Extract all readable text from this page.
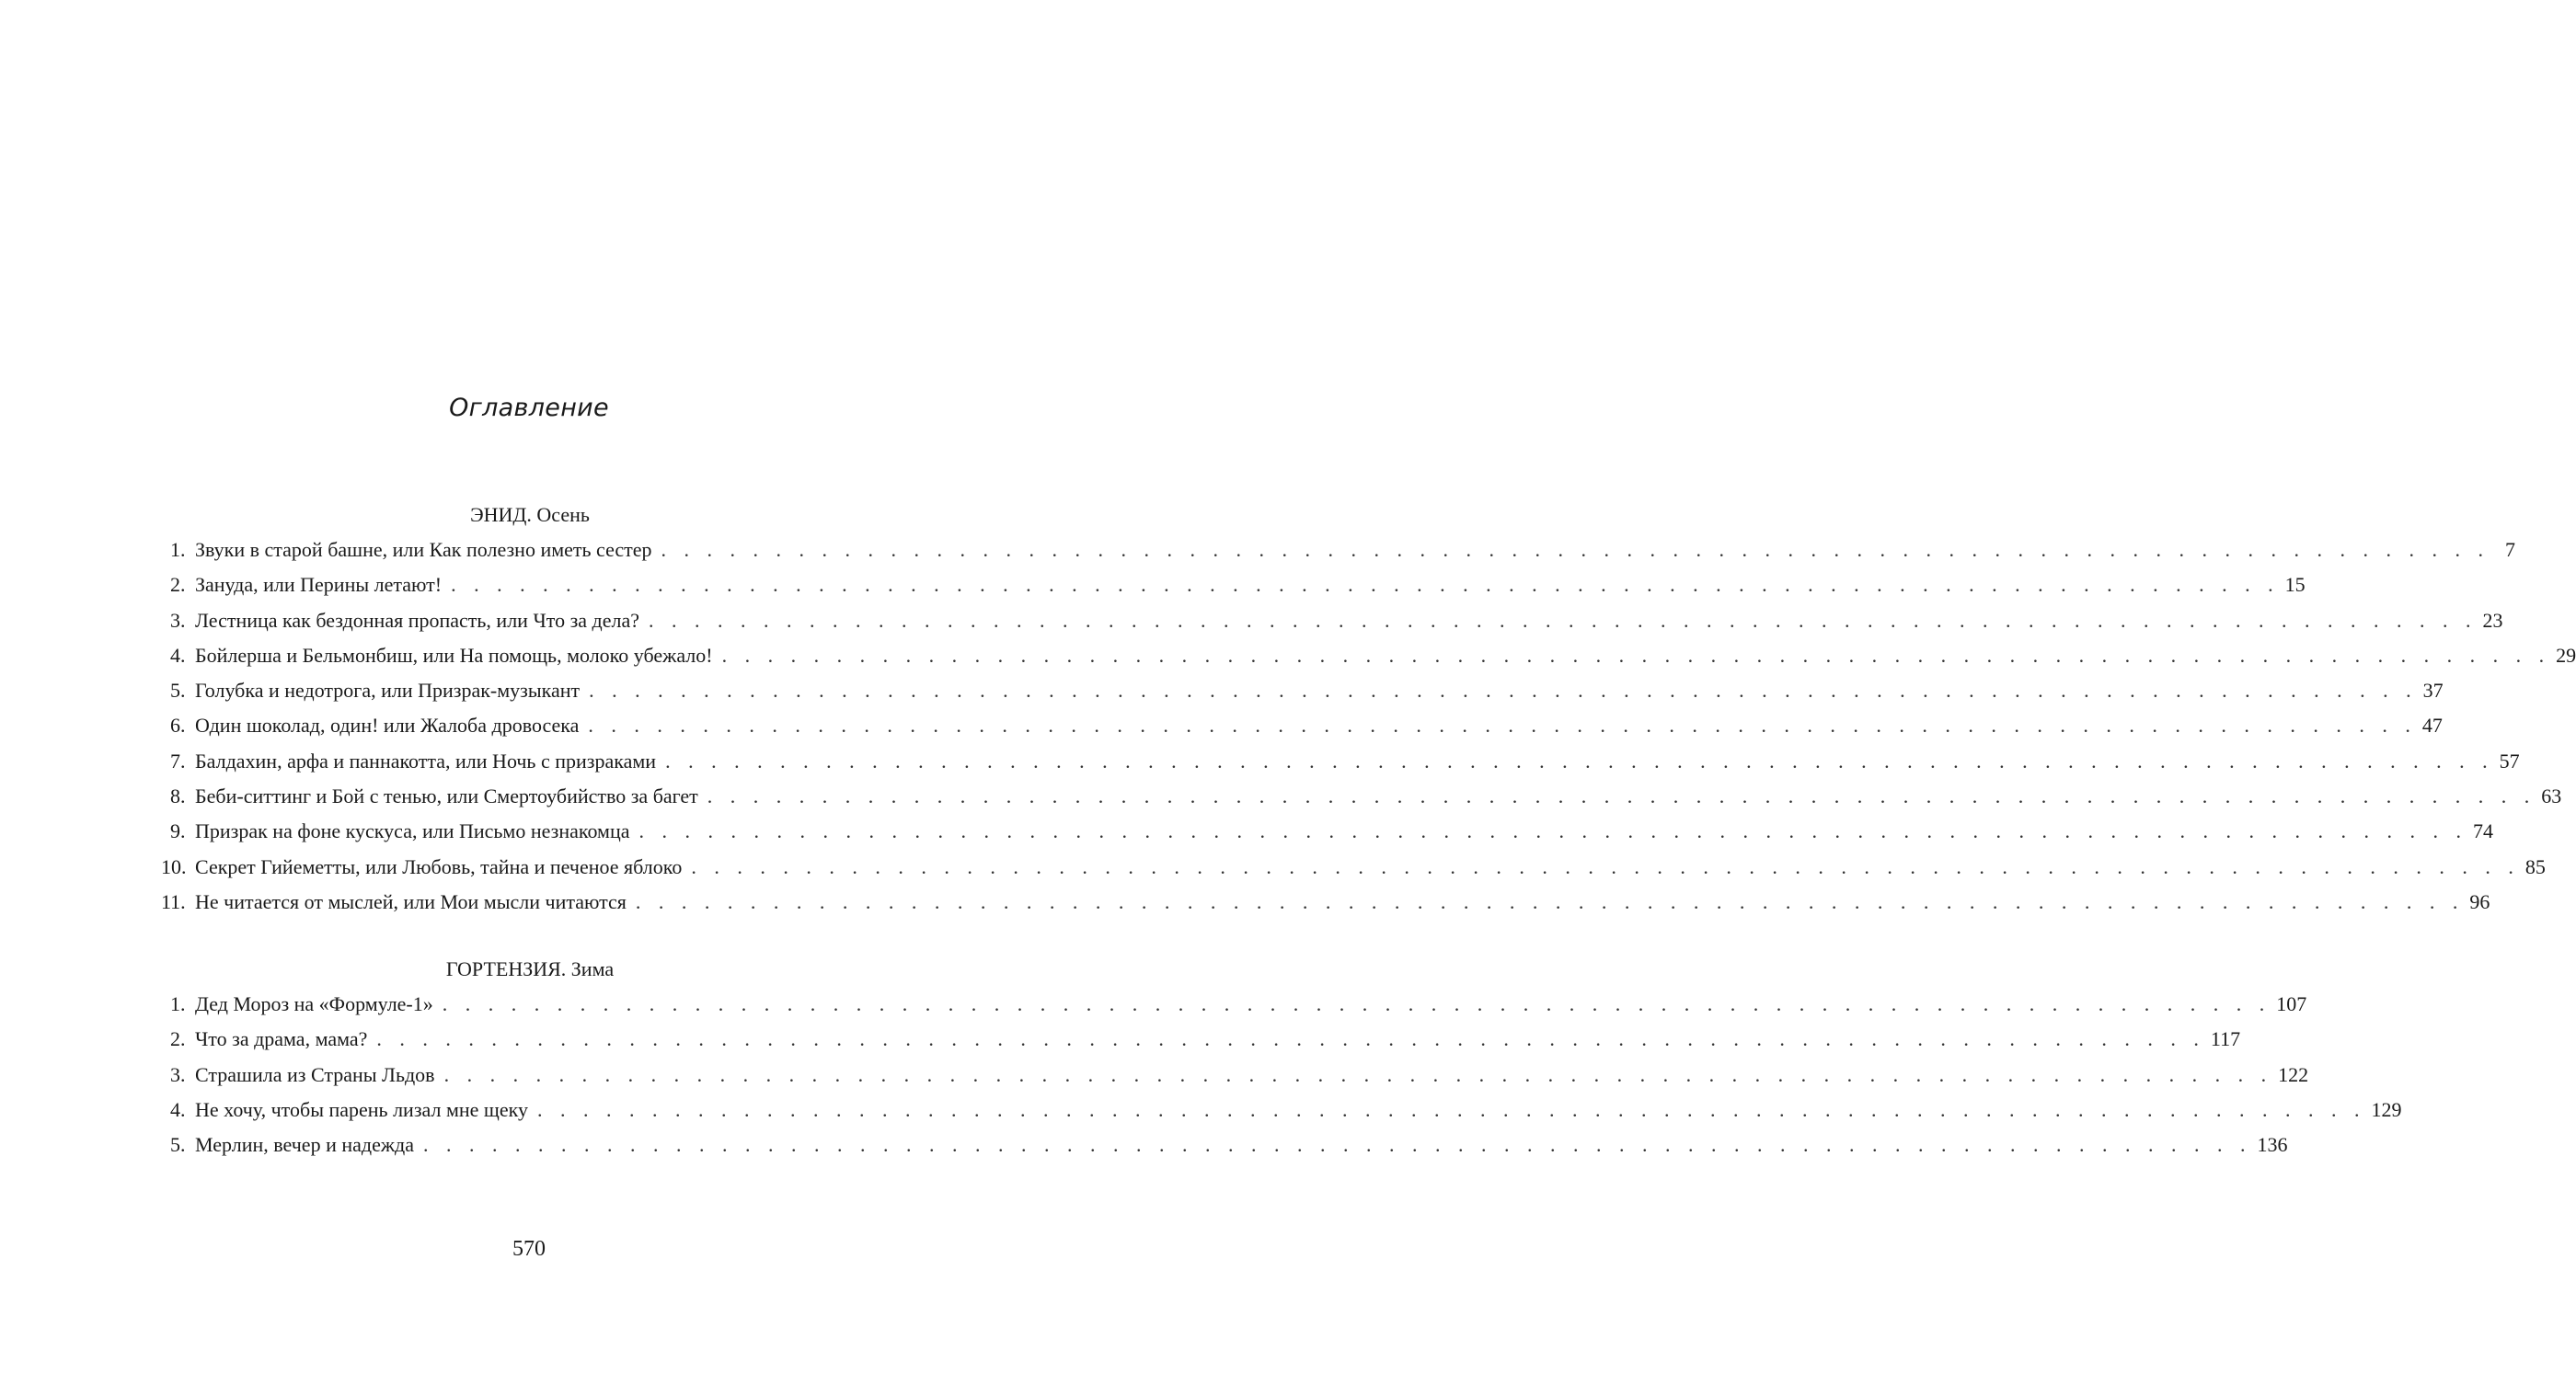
Оглавление
ЭНИД. Осень
1. Звуки в старой башне, или Как полезно иметь сестер . . . . . . . . . . . . . . . . . . . . . . . . . . . . . . . . . . . . . . . . . . . . . . . . . . . . . . . . . . . . . . . . . . . . . . . . . . . . . . . . 7
2. Зануда, или Перины летают! . . . . . . . . . . . . . . . . . . . . . . . . . . . . . . . . . . . . . . . . . . . . . . . . . . . . . . . . . . . . . . . . . . . . . . . . . . . . . . . . 15
3. Лестница как бездонная пропасть, или Что за дела? . . . . . . . . . . . . . . . . . . . . . . . . . . . . . . . . . . . . . . . . . . . . . . . . . . . . . . . . . . . . . . . . . . . . . . . . . . . . . . . . 23
4. Бойлерша и Бельмонбиш, или На помощь, молоко убежало! . . . . . . . . . . . . . . . . . . . . . . . . . . . . . . . . . . . . . . . . . . . . . . . . . . . . . . . . . . . . . . . . . . . . . . . . . . . . . . . . 29
5. Голубка и недотрога, или Призрак-музыкант . . . . . . . . . . . . . . . . . . . . . . . . . . . . . . . . . . . . . . . . . . . . . . . . . . . . . . . . . . . . . . . . . . . . . . . . . . . . . . . . 37
6. Один шоколад, один! или Жалоба дровосека . . . . . . . . . . . . . . . . . . . . . . . . . . . . . . . . . . . . . . . . . . . . . . . . . . . . . . . . . . . . . . . . . . . . . . . . . . . . . . . . 47
7. Балдахин, арфа и паннакотта, или Ночь с призраками . . . . . . . . . . . . . . . . . . . . . . . . . . . . . . . . . . . . . . . . . . . . . . . . . . . . . . . . . . . . . . . . . . . . . . . . . . . . . . . . 57
8. Беби-ситтинг и Бой с тенью, или Смертоубийство за багет . . . . . . . . . . . . . . . . . . . . . . . . . . . . . . . . . . . . . . . . . . . . . . . . . . . . . . . . . . . . . . . . . . . . . . . . . . . . . . . . 63
9. Призрак на фоне кускуса, или Письмо незнакомца . . . . . . . . . . . . . . . . . . . . . . . . . . . . . . . . . . . . . . . . . . . . . . . . . . . . . . . . . . . . . . . . . . . . . . . . . . . . . . . . 74
10. Секрет Гийеметты, или Любовь, тайна и печеное яблоко . . . . . . . . . . . . . . . . . . . . . . . . . . . . . . . . . . . . . . . . . . . . . . . . . . . . . . . . . . . . . . . . . . . . . . . . . . . . . . . . 85
11. Не читается от мыслей, или Мои мысли читаются . . . . . . . . . . . . . . . . . . . . . . . . . . . . . . . . . . . . . . . . . . . . . . . . . . . . . . . . . . . . . . . . . . . . . . . . . . . . . . . . 96
ГОРТЕНЗИЯ. Зима
1. Дед Мороз на «Формуле-1» . . . . . . . . . . . . . . . . . . . . . . . . . . . . . . . . . . . . . . . . . . . . . . . . . . . . . . . . . . . . . . . . . . . . . . . . . . . . . . . . 107
2. Что за драма, мама? . . . . . . . . . . . . . . . . . . . . . . . . . . . . . . . . . . . . . . . . . . . . . . . . . . . . . . . . . . . . . . . . . . . . . . . . . . . . . . . . 117
3. Страшила из Страны Льдов . . . . . . . . . . . . . . . . . . . . . . . . . . . . . . . . . . . . . . . . . . . . . . . . . . . . . . . . . . . . . . . . . . . . . . . . . . . . . . . . 122
4. Не хочу, чтобы парень лизал мне щеку . . . . . . . . . . . . . . . . . . . . . . . . . . . . . . . . . . . . . . . . . . . . . . . . . . . . . . . . . . . . . . . . . . . . . . . . . . . . . . . . 129
5. Мерлин, вечер и надежда . . . . . . . . . . . . . . . . . . . . . . . . . . . . . . . . . . . . . . . . . . . . . . . . . . . . . . . . . . . . . . . . . . . . . . . . . . . . . . . . 136
570
